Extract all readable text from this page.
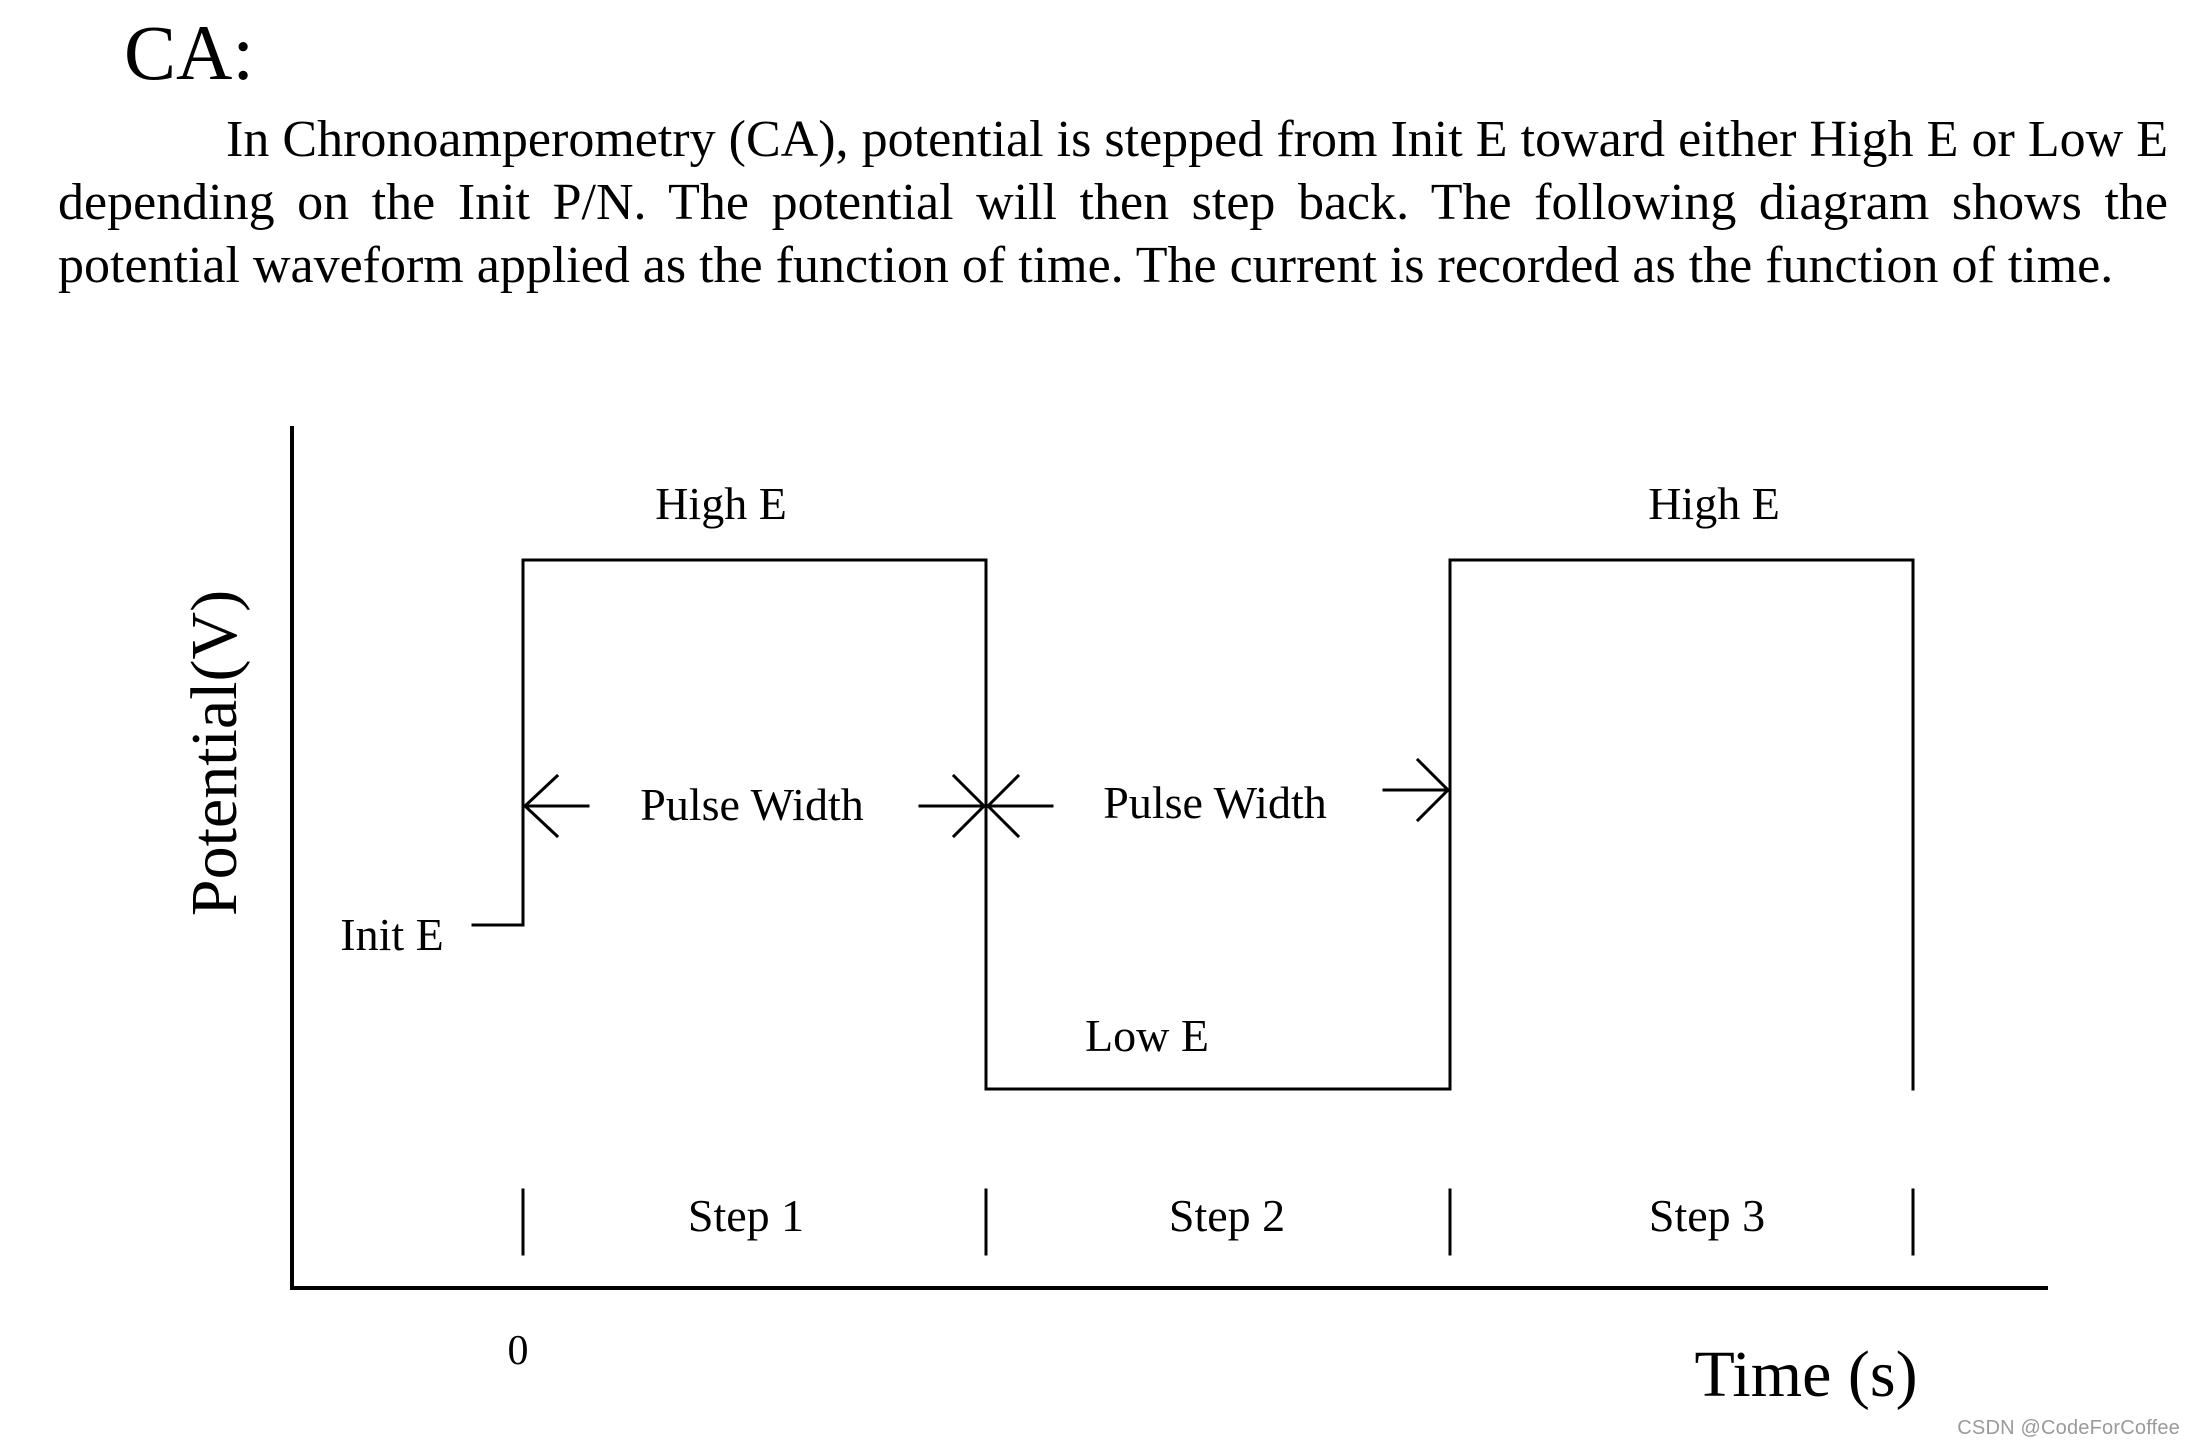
CA:

In Chronoamperometry (CA), potential is stepped from Init E toward either High E or Low E depending on the Init P/N. The potential will then step back. The following diagram shows the potential waveform applied as the function of time. The current is recorded as the function of time.

High E	High E
Init E
Low E
Pulse Width	Pulse Width
Step 1	Step 2	Step 3
0	Time (s)
Potential(V)
CSDN @CodeForCoffee
